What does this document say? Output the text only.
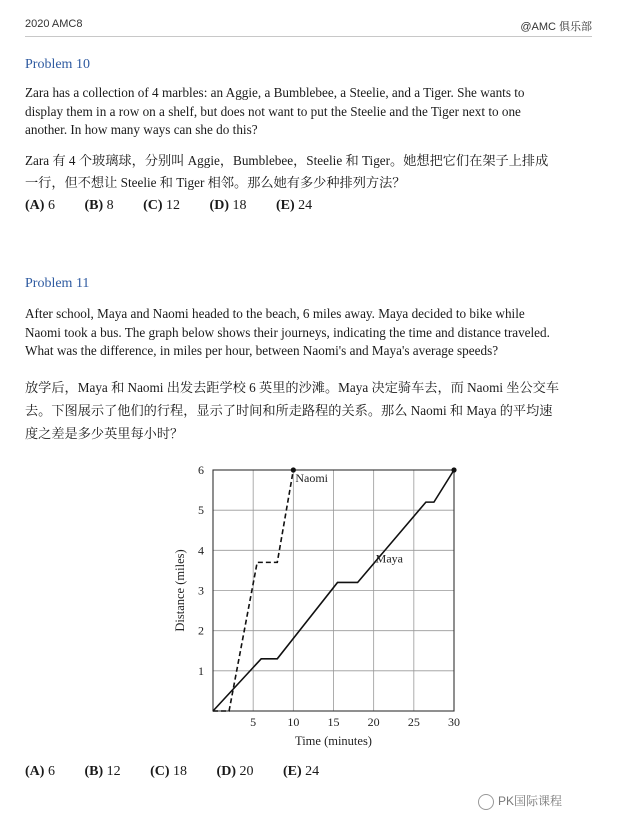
2020 AMC8	@AMC 俱乐部
Problem 10
Zara has a collection of 4 marbles: an Aggie, a Bumblebee, a Steelie, and a Tiger. She wants to
display them in a row on a shelf, but does not want to put the Steelie and the Tiger next to one
another. In how many ways can she do this?
Zara 有 4 个玻璃球，分别叫 Aggie，Bumblebee，Steelie 和 Tiger。她想把它们在架子上排成
一行，但不想让 Steelie 和 Tiger 相邻。那么她有多少种排列方法？
(A) 6 (B) 8 (C) 12 (D) 18 (E) 24
Problem 11
After school, Maya and Naomi headed to the beach, 6 miles away. Maya decided to bike while
Naomi took a bus. The graph below shows their journeys, indicating the time and distance traveled.
What was the difference, in miles per hour, between Naomi's and Maya's average speeds?
放学后，Maya 和 Naomi 出发去距学校 6 英里的沙滩。Maya 决定骑车去，而 Naomi 坐公交车
去。下图展示了他们的行程，显示了时间和所走路程的关系。那么 Naomi 和 Maya 的平均速
度之差是多少英里每小时？
5	10 15 20 25 30
1
2
3
4
5
6
Time (minutes)
Distance (miles)
Naomi
Maya
(A) 6 (B) 12 (C) 18 (D) 20 (E) 24
PK国际课程
